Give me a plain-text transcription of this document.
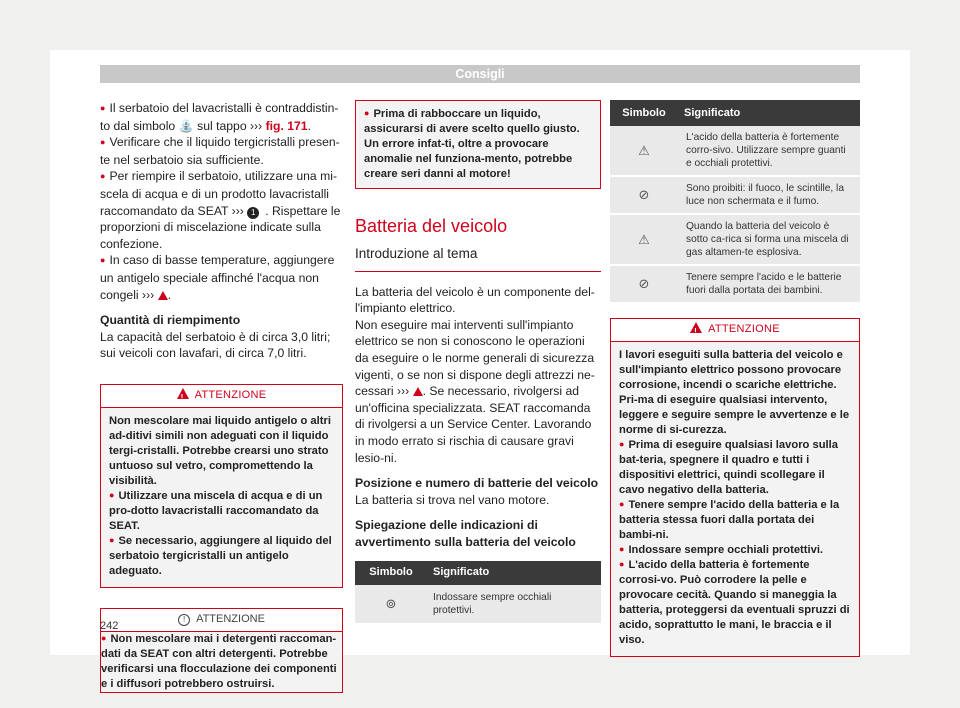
Consigli

● Il serbatoio del lavacristalli è contraddistin-to dal simbolo ⛲ sul tappo ››› fig. 171.

● Verificare che il liquido tergicristalli presen-te nel serbatoio sia sufficiente.

● Per riempire il serbatoio, utilizzare una mi-scela di acqua e di un prodotto lavacristalli raccomandato da SEAT ››› 1 . Rispettare le proporzioni di miscelazione indicate sulla confezione.

● In caso di basse temperature, aggiungere un antigelo speciale affinché l'acqua non congeli ››› .

Quantità di riempimento

La capacità del serbatoio è di circa 3,0 litri; sui veicoli con lavafari, di circa 7,0 litri.

!ATTENZIONE

Non mescolare mai liquido antigelo o altri ad-ditivi simili non adeguati con il liquido tergi-cristalli. Potrebbe crearsi uno strato untuoso sul vetro, compromettendo la visibilità.

● Utilizzare una miscela di acqua e di un pro-dotto lavacristalli raccomandato da SEAT.

● Se necessario, aggiungere al liquido del serbatoio tergicristalli un antigelo adeguato.

! ATTENZIONE

● Non mescolare mai i detergenti raccoman-dati da SEAT con altri detergenti. Potrebbe verificarsi una flocculazione dei componenti e i diffusori potrebbero ostruirsi.

● Prima di rabboccare un liquido, assicurarsi di avere scelto quello giusto. Un errore infat-ti, oltre a provocare anomalie nel funziona-mento, potrebbe creare seri danni al motore!

Batteria del veicolo
Introduzione al tema

La batteria del veicolo è un componente del-l'impianto elettrico.

Non eseguire mai interventi sull'impianto elettrico se non si conoscono le operazioni da eseguire o le norme generali di sicurezza vigenti, o se non si dispone degli attrezzi ne-cessari ››› . Se necessario, rivolgersi ad un'officina specializzata. SEAT raccomanda di rivolgersi a un Service Center. Lavorando in modo errato si rischia di causare gravi lesio-ni.

Posizione e numero di batterie del veicolo

La batteria si trova nel vano motore.

Spiegazione delle indicazioni di avvertimento sulla batteria del veicolo

Simbolo	Significato
⊚	Indossare sempre occhiali protettivi.
Simbolo	Significato
⚠	L'acido della batteria è fortemente corro-sivo. Utilizzare sempre guanti e occhiali protettivi.
⊘	Sono proibiti: il fuoco, le scintille, la luce non schermata e il fumo.
⚠	Quando la batteria del veicolo è sotto ca-rica si forma una miscela di gas altamen-te esplosiva.
⊘	Tenere sempre l'acido e le batterie fuori dalla portata dei bambini.
!ATTENZIONE

I lavori eseguiti sulla batteria del veicolo e sull'impianto elettrico possono provocare corrosione, incendi o scariche elettriche. Pri-ma di eseguire qualsiasi intervento, leggere e seguire sempre le avvertenze e le norme di si-curezza.

● Prima di eseguire qualsiasi lavoro sulla bat-teria, spegnere il quadro e tutti i dispositivi elettrici, quindi scollegare il cavo negativo della batteria.

● Tenere sempre l'acido della batteria e la batteria stessa fuori dalla portata dei bambi-ni.

● Indossare sempre occhiali protettivi.

● L'acido della batteria è fortemente corrosi-vo. Può corrodere la pelle e provocare cecità. Quando si maneggia la batteria, proteggersi da eventuali spruzzi di acido, soprattutto le mani, le braccia e il viso.

242
